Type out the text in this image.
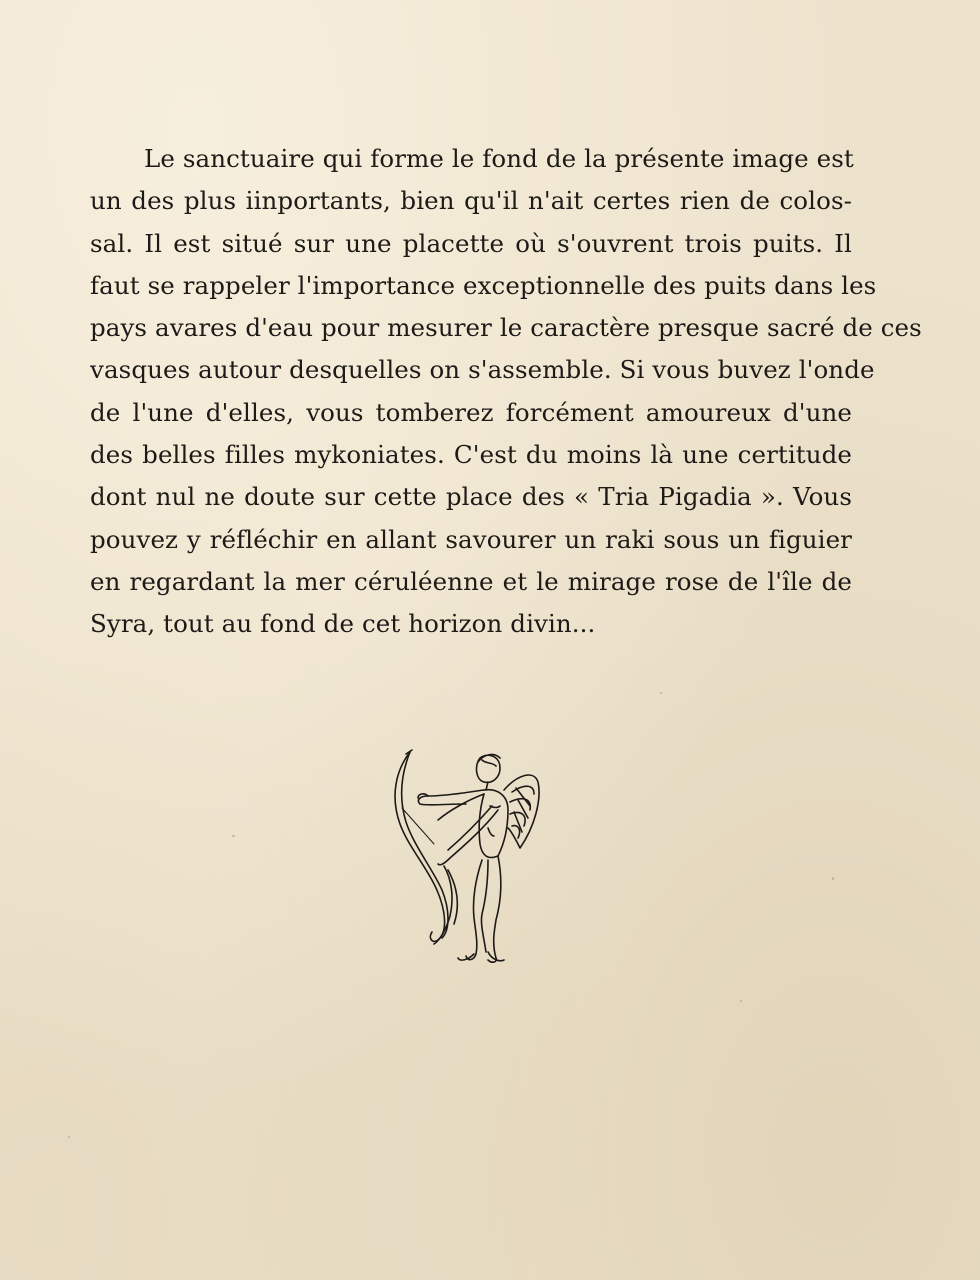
Le sanctuaire qui forme le fond de la présente image est
un des plus iinportants, bien qu'il n'ait certes rien de colos-
sal. Il est situé sur une placette où s'ouvrent trois puits. Il
faut se rappeler l'importance exceptionnelle des puits dans les
pays avares d'eau pour mesurer le caractère presque sacré de ces
vasques autour desquelles on s'assemble. Si vous buvez l'onde
de l'une d'elles, vous tomberez forcément amoureux d'une
des belles filles mykoniates. C'est du moins là une certitude
dont nul ne doute sur cette place des « Tria Pigadia ». Vous
pouvez y réfléchir en allant savourer un raki sous un figuier
en regardant la mer céruléenne et le mirage rose de l'île de
Syra, tout au fond de cet horizon divin...
